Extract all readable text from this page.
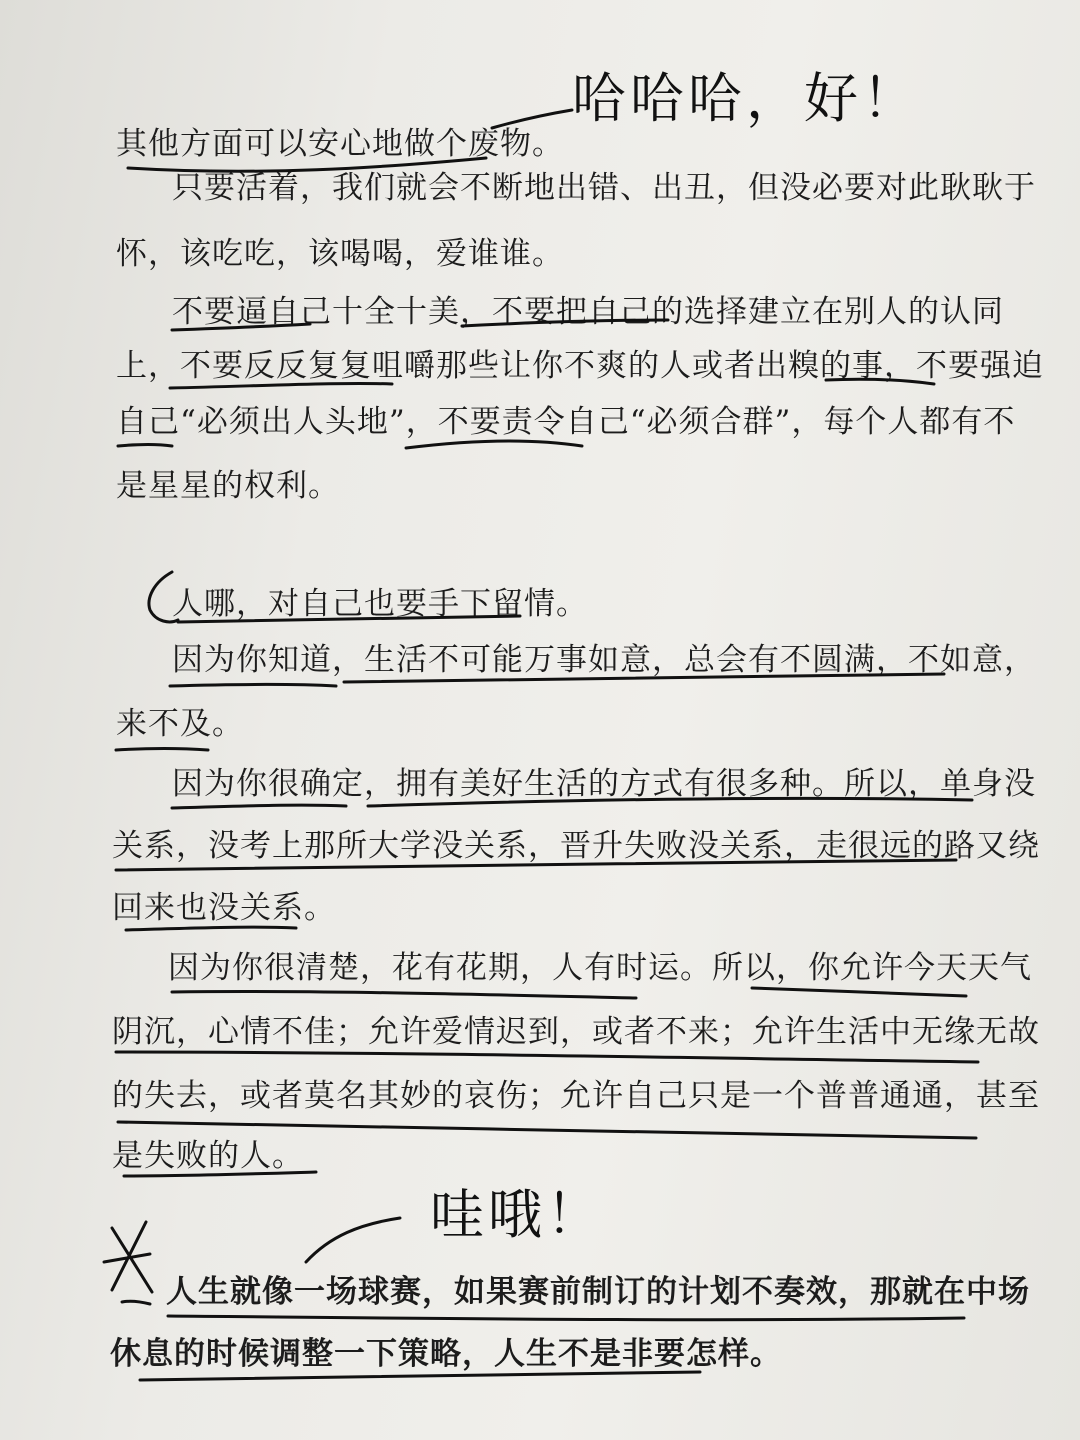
其他方面可以安心地做个废物。
只要活着，我们就会不断地出错、出丑，但没必要对此耿耿于
怀，该吃吃，该喝喝，爱谁谁。
不要逼自己十全十美，不要把自己的选择建立在别人的认同
上，不要反反复复咀嚼那些让你不爽的人或者出糗的事，不要强迫
自己“必须出人头地”，不要责令自己“必须合群”，每个人都有不
是星星的权利。
人哪，对自己也要手下留情。
因为你知道，生活不可能万事如意，总会有不圆满，不如意，
来不及。
因为你很确定，拥有美好生活的方式有很多种。所以，单身没
关系，没考上那所大学没关系，晋升失败没关系，走很远的路又绕
回来也没关系。
因为你很清楚，花有花期，人有时运。所以，你允许今天天气
阴沉，心情不佳；允许爱情迟到，或者不来；允许生活中无缘无故
的失去，或者莫名其妙的哀伤；允许自己只是一个普普通通，甚至
是失败的人。
人生就像一场球赛，如果赛前制订的计划不奏效，那就在中场
休息的时候调整一下策略，人生不是非要怎样。
哈哈哈，好！
哇哦！
